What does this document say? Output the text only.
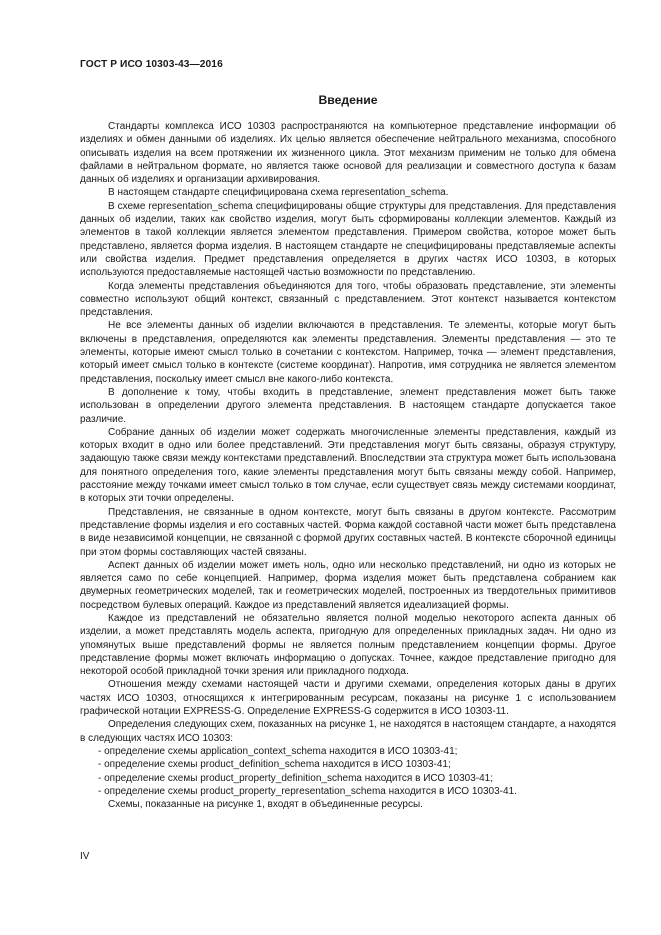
ГОСТ Р ИСО 10303-43—2016
Введение

Стандарты комплекса ИСО 10303 распространяются на компьютерное представление информации об изделиях и обмен данными об изделиях. Их целью является обеспечение нейтрального механизма, способного описывать изделия на всем протяжении их жизненного цикла. Этот механизм применим не только для обмена файлами в нейтральном формате, но является также основой для реализации и совместного доступа к базам данных об изделиях и организации архивирования.

В настоящем стандарте специфицирована схема representation_schema.

В схеме representation_schema специфицированы общие структуры для представления. Для представления данных об изделии, таких как свойство изделия, могут быть сформированы коллекции элементов. Каждый из элементов в такой коллекции является элементом представления. Примером свойства, которое может быть представлено, является форма изделия. В настоящем стандарте не специфицированы представляемые аспекты или свойства изделия. Предмет представления определяется в других частях ИСО 10303, в которых используются предоставляемые настоящей частью возможности по представлению.

Когда элементы представления объединяются для того, чтобы образовать представление, эти элементы совместно используют общий контекст, связанный с представлением. Этот контекст называется контекстом представления.

Не все элементы данных об изделии включаются в представления. Те элементы, которые могут быть включены в представления, определяются как элементы представления. Элементы представления — это те элементы, которые имеют смысл только в сочетании с контекстом. Например, точка — элемент представления, который имеет смысл только в контексте (системе координат). Напротив, имя сотрудника не является элементом представления, поскольку имеет смысл вне какого-либо контекста.

В дополнение к тому, чтобы входить в представление, элемент представления может быть также использован в определении другого элемента представления. В настоящем стандарте допускается такое различие.

Собрание данных об изделии может содержать многочисленные элементы представления, каждый из которых входит в одно или более представлений. Эти представления могут быть связаны, образуя структуру, задающую также связи между контекстами представлений. Впоследствии эта структура может быть использована для понятного определения того, какие элементы представления могут быть связаны между собой. Например, расстояние между точками имеет смысл только в том случае, если существует связь между системами координат, в которых эти точки определены.

Представления, не связанные в одном контексте, могут быть связаны в другом контексте. Рассмотрим представление формы изделия и его составных частей. Форма каждой составной части может быть представлена в виде независимой концепции, не связанной с формой других составных частей. В контексте сборочной единицы при этом формы составляющих частей связаны.

Аспект данных об изделии может иметь ноль, одно или несколько представлений, ни одно из которых не является само по себе концепцией. Например, форма изделия может быть представлена собранием как двумерных геометрических моделей, так и геометрических моделей, построенных из твердотельных примитивов посредством булевых операций. Каждое из представлений является идеализацией формы.

Каждое из представлений не обязательно является полной моделью некоторого аспекта данных об изделии, а может представлять модель аспекта, пригодную для определенных прикладных задач. Ни одно из упомянутых выше представлений формы не является полным представлением концепции формы. Другое представление формы может включать информацию о допусках. Точнее, каждое представление пригодно для некоторой особой прикладной точки зрения или прикладного подхода.

Отношения между схемами настоящей части и другими схемами, определения которых даны в других частях ИСО 10303, относящихся к интегрированным ресурсам, показаны на рисунке 1 с использованием графической нотации EXPRESS-G. Определение EXPRESS-G содержится в ИСО 10303-11.

Определения следующих схем, показанных на рисунке 1, не находятся в настоящем стандарте, а находятся в следующих частях ИСО 10303:

- определение схемы application_context_schema находится в ИСО 10303-41;

- определение схемы product_definition_schema находится в ИСО 10303-41;

- определение схемы product_property_definition_schema находится в ИСО 10303-41;

- определение схемы product_property_representation_schema находится в ИСО 10303-41.

Схемы, показанные на рисунке 1, входят в объединенные ресурсы.

IV
